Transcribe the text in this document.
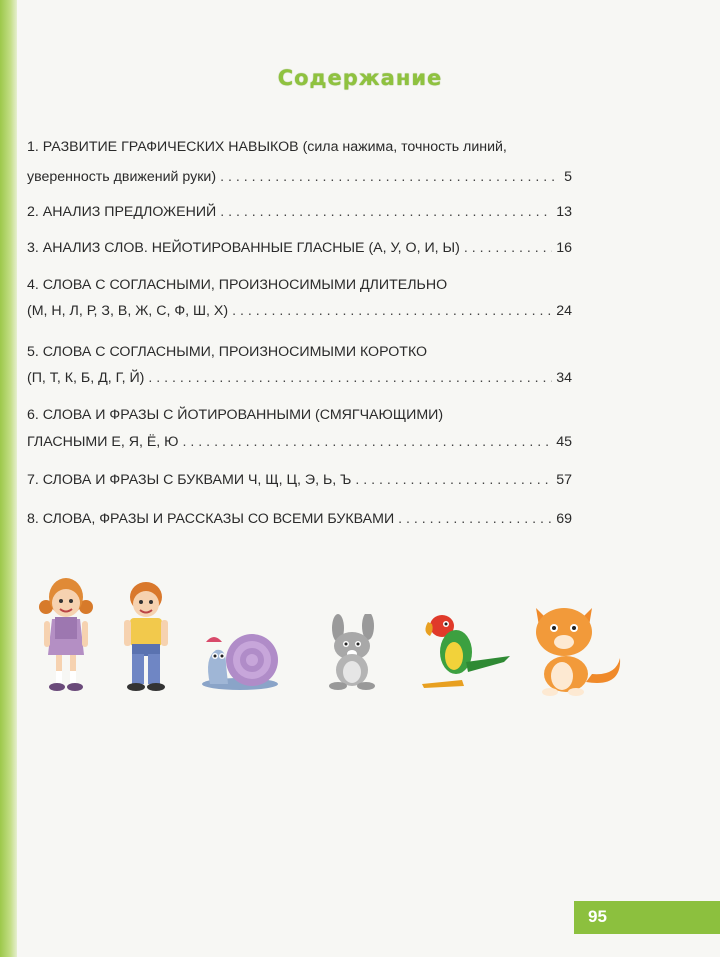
Содержание
1. РАЗВИТИЕ ГРАФИЧЕСКИХ НАВЫКОВ (сила нажима, точность линий,
уверенность движений руки) . . .	5
2. АНАЛИЗ ПРЕДЛОЖЕНИЙ . . .	13
3. АНАЛИЗ СЛОВ. НЕЙОТИРОВАННЫЕ ГЛАСНЫЕ (А, У, О, И, Ы) . . .	16
4. СЛОВА С СОГЛАСНЫМИ, ПРОИЗНОСИМЫМИ ДЛИТЕЛЬНО
(М, Н, Л, Р, З, В, Ж, С, Ф, Ш, Х) . . .	24
5. СЛОВА С СОГЛАСНЫМИ, ПРОИЗНОСИМЫМИ КОРОТКО
(П, Т, К, Б, Д, Г, Й) . . .	34
6. СЛОВА И ФРАЗЫ С ЙОТИРОВАННЫМИ (СМЯГЧАЮЩИМИ)
ГЛАСНЫМИ Е, Я, Ё, Ю . . .	45
7. СЛОВА И ФРАЗЫ С БУКВАМИ Ч, Щ, Ц, Э, Ь, Ъ . . .	57
8. СЛОВА, ФРАЗЫ И РАССКАЗЫ СО ВСЕМИ БУКВАМИ . . .	69
95
